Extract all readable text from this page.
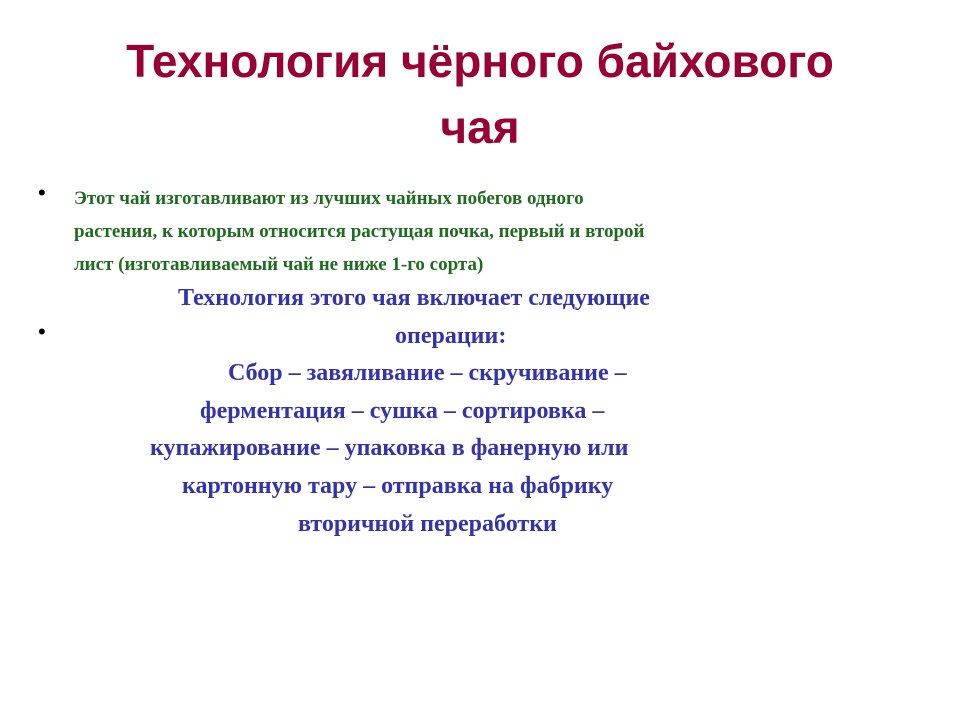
Технология чёрного байхового
чая
•
•
Этот чай изготавливают из лучших чайных побегов одного
растения, к которым относится растущая почка, первый и второй
лист (изготавливаемый чай не ниже 1-го сорта)
Технология этого чая включает следующие
операции:
Сбор – завяливание – скручивание –
ферментация – сушка – сортировка –
купажирование – упаковка в фанерную или
картонную тару – отправка на фабрику
вторичной переработки
